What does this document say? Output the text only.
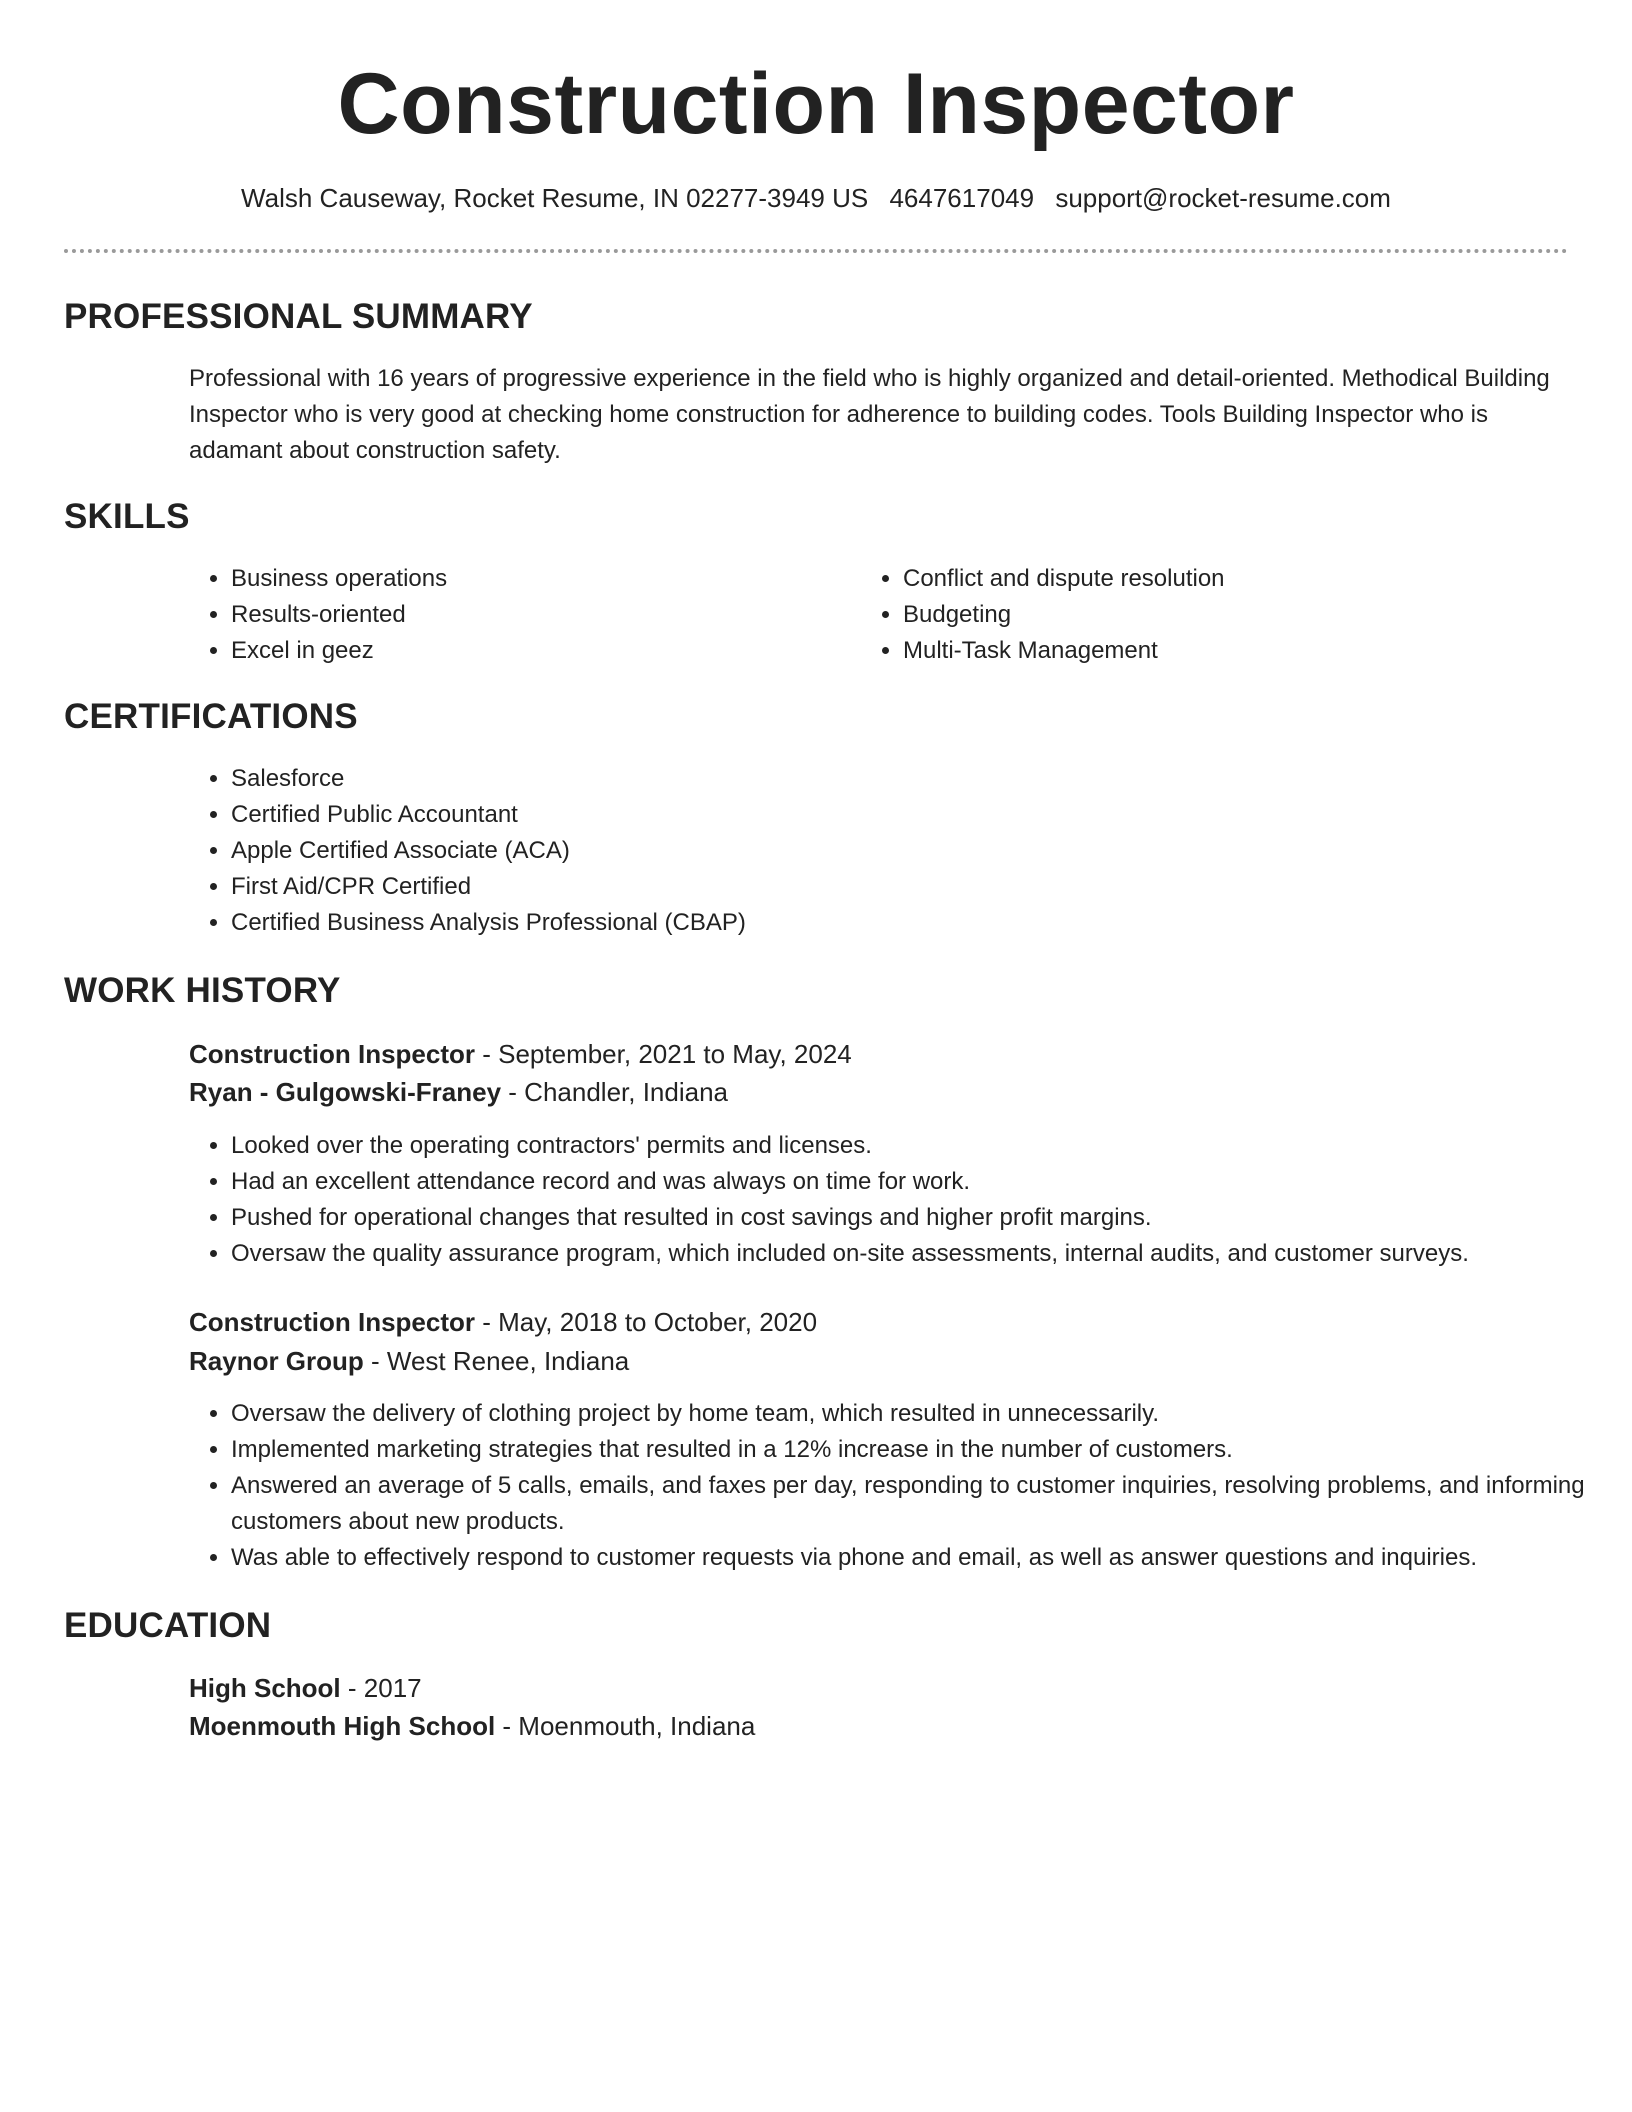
Construction Inspector
Walsh Causeway, Rocket Resume, IN 02277-3949 US 4647617049 support@rocket-resume.com
PROFESSIONAL SUMMARY

Professional with 16 years of progressive experience in the field who is highly organized and detail-oriented. Methodical Building Inspector who is very good at checking home construction for adherence to building codes. Tools Building Inspector who is adamant about construction safety.

SKILLS
• Business operations
• Results-oriented
• Excel in geez
• Conflict and dispute resolution
• Budgeting
• Multi-Task Management
CERTIFICATIONS
• Salesforce
• Certified Public Accountant
• Apple Certified Associate (ACA)
• First Aid/CPR Certified
• Certified Business Analysis Professional (CBAP)
WORK HISTORY

Construction Inspector - September, 2021 to May, 2024

Ryan - Gulgowski-Franey - Chandler, Indiana

• Looked over the operating contractors' permits and licenses.
• Had an excellent attendance record and was always on time for work.
• Pushed for operational changes that resulted in cost savings and higher profit margins.
• Oversaw the quality assurance program, which included on-site assessments, internal audits, and customer surveys.

Construction Inspector - May, 2018 to October, 2020

Raynor Group - West Renee, Indiana

• Oversaw the delivery of clothing project by home team, which resulted in unnecessarily.
• Implemented marketing strategies that resulted in a 12% increase in the number of customers.
• Answered an average of 5 calls, emails, and faxes per day, responding to customer inquiries, resolving problems, and informing customers about new products.
• Was able to effectively respond to customer requests via phone and email, as well as answer questions and inquiries.
EDUCATION

High School - 2017

Moenmouth High School - Moenmouth, Indiana
